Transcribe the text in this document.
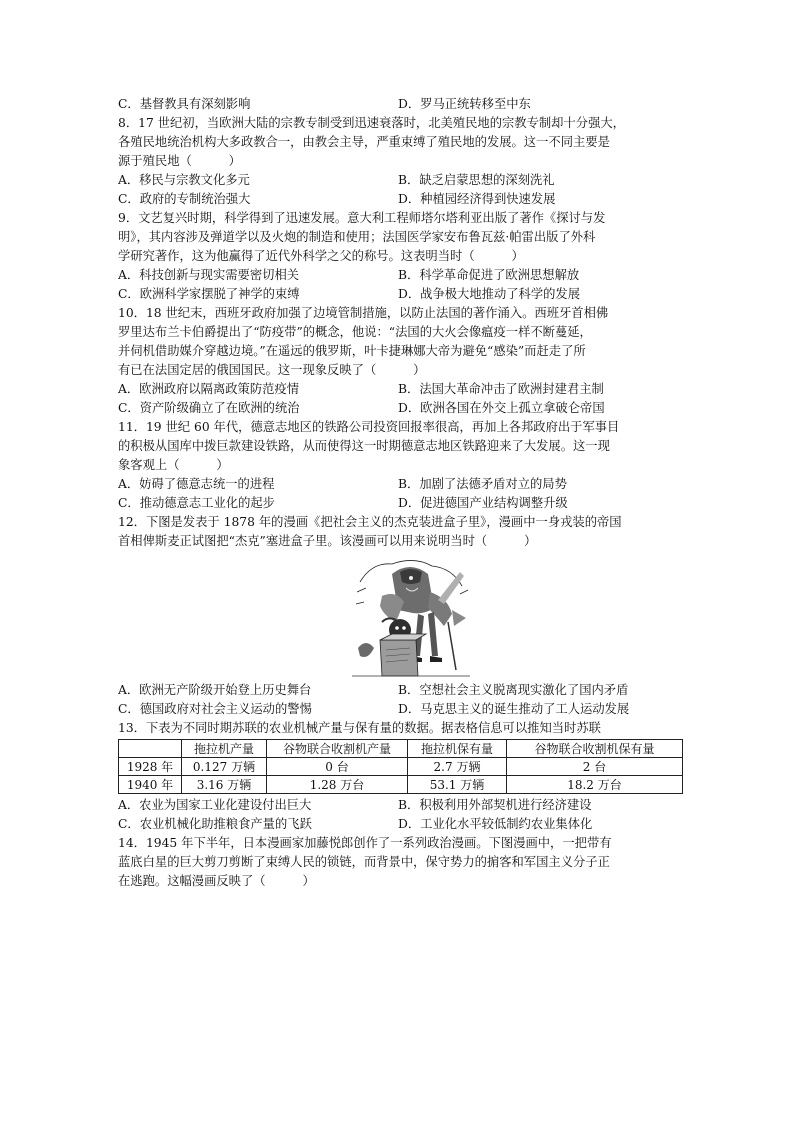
C．基督教具有深刻影响	D．罗马正统转移至中东
8．17 世纪初，当欧洲大陆的宗教专制受到迅速衰落时，北美殖民地的宗教专制却十分强大，
各殖民地统治机构大多政教合一，由教会主导，严重束缚了殖民地的发展。这一不同主要是
源于殖民地（　　　）
A．移民与宗教文化多元	B．缺乏启蒙思想的深刻洗礼
C．政府的专制统治强大	D．种植园经济得到快速发展
9．文艺复兴时期，科学得到了迅速发展。意大利工程师塔尔塔利亚出版了著作《探讨与发
明》，其内容涉及弹道学以及火炮的制造和使用；法国医学家安布鲁瓦兹·帕雷出版了外科
学研究著作，这为他赢得了近代外科学之父的称号。这表明当时（　　　）
A．科技创新与现实需要密切相关	B．科学革命促进了欧洲思想解放
C．欧洲科学家摆脱了神学的束缚	D．战争极大地推动了科学的发展
10．18 世纪末，西班牙政府加强了边境管制措施，以防止法国的著作涌入。西班牙首相佛
罗里达布兰卡伯爵提出了“防疫带”的概念，他说：“法国的大火会像瘟疫一样不断蔓延，
并伺机借助媒介穿越边境。”在遥远的俄罗斯，叶卡捷琳娜大帝为避免“感染”而赶走了所
有已在法国定居的俄国国民。这一现象反映了（　　　）
A．欧洲政府以隔离政策防范疫情	B．法国大革命冲击了欧洲封建君主制
C．资产阶级确立了在欧洲的统治	D．欧洲各国在外交上孤立拿破仑帝国
11．19 世纪 60 年代，德意志地区的铁路公司投资回报率很高，再加上各邦政府出于军事目
的积极从国库中拨巨款建设铁路，从而使得这一时期德意志地区铁路迎来了大发展。这一现
象客观上（　　　）
A．妨碍了德意志统一的进程	B．加剧了法德矛盾对立的局势
C．推动德意志工业化的起步	D．促进德国产业结构调整升级
12．下图是发表于 1878 年的漫画《把社会主义的杰克装进盒子里》，漫画中一身戎装的帝国
首相俾斯麦正试图把“杰克”塞进盒子里。该漫画可以用来说明当时（　　　）
A．欧洲无产阶级开始登上历史舞台	B．空想社会主义脱离现实激化了国内矛盾
C．德国政府对社会主义运动的警惕	D．马克思主义的诞生推动了工人运动发展
13．下表为不同时期苏联的农业机械产量与保有量的数据。据表格信息可以推知当时苏联
	拖拉机产量	谷物联合收割机产量	拖拉机保有量	谷物联合收割机保有量
1928 年	0.127 万辆	0 台	2.7 万辆	2 台
1940 年	3.16 万辆	1.28 万台	53.1 万辆	18.2 万台
A．农业为国家工业化建设付出巨大	B．积极利用外部契机进行经济建设
C．农业机械化助推粮食产量的飞跃	D．工业化水平较低制约农业集体化
14．1945 年下半年，日本漫画家加藤悦郎创作了一系列政治漫画。下图漫画中，一把带有
蓝底白星的巨大剪刀剪断了束缚人民的锁链，而背景中，保守势力的掮客和军国主义分子正
在逃跑。这幅漫画反映了（　　　）
